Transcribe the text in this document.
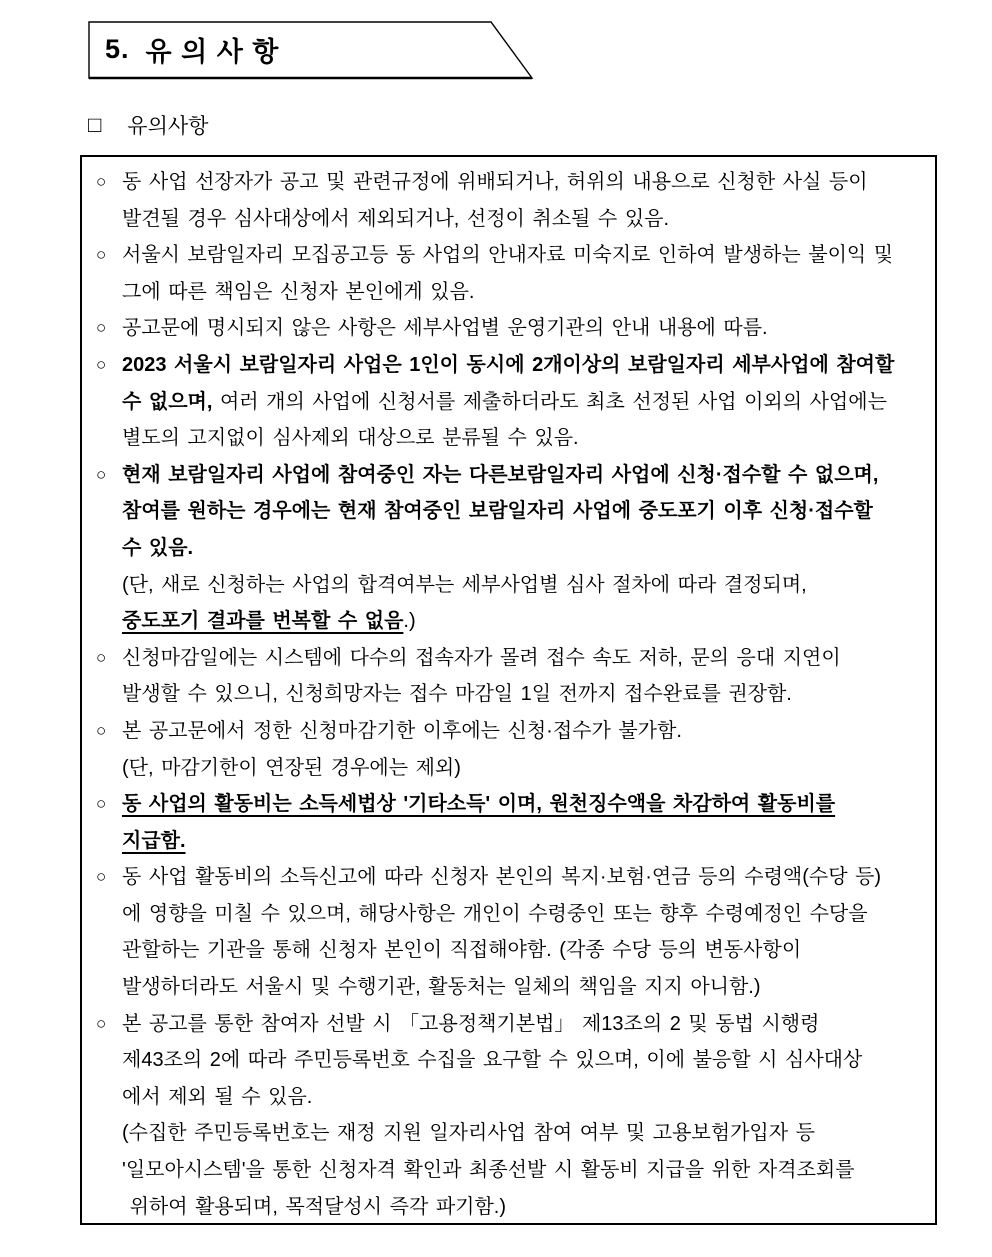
5. 유 의 사 항
□ 유의사항
○ 동 사업 선장자가 공고 및 관련규정에 위배되거나, 허위의 내용으로 신청한 사실 등이
발견될 경우 심사대상에서 제외되거나, 선정이 취소될 수 있음.
○ 서울시 보람일자리 모집공고등 동 사업의 안내자료 미숙지로 인하여 발생하는 불이익 및
그에 따른 책임은 신청자 본인에게 있음.
○ 공고문에 명시되지 않은 사항은 세부사업별 운영기관의 안내 내용에 따름.
○ 2023 서울시 보람일자리 사업은 1인이 동시에 2개이상의 보람일자리 세부사업에 참여할
수 없으며, 여러 개의 사업에 신청서를 제출하더라도 최초 선정된 사업 이외의 사업에는
별도의 고지없이 심사제외 대상으로 분류될 수 있음.
○ 현재 보람일자리 사업에 참여중인 자는 다른보람일자리 사업에 신청·접수할 수 없으며,
참여를 원하는 경우에는 현재 참여중인 보람일자리 사업에 중도포기 이후 신청·접수할
수 있음.
(단, 새로 신청하는 사업의 합격여부는 세부사업별 심사 절차에 따라 결정되며,
중도포기 결과를 번복할 수 없음.)
○ 신청마감일에는 시스템에 다수의 접속자가 몰려 접수 속도 저하, 문의 응대 지연이
발생할 수 있으니, 신청희망자는 접수 마감일 1일 전까지 접수완료를 권장함.
○ 본 공고문에서 정한 신청마감기한 이후에는 신청·접수가 불가함.
(단, 마감기한이 연장된 경우에는 제외)
○ 동 사업의 활동비는 소득세법상 '기타소득' 이며, 원천징수액을 차감하여 활동비를
지급함.
○ 동 사업 활동비의 소득신고에 따라 신청자 본인의 복지·보험·연금 등의 수령액(수당 등)
에 영향을 미칠 수 있으며, 해당사항은 개인이 수령중인 또는 향후 수령예정인 수당을
관할하는 기관을 통해 신청자 본인이 직접해야함. (각종 수당 등의 변동사항이
발생하더라도 서울시 및 수행기관, 활동처는 일체의 책임을 지지 아니함.)
○ 본 공고를 통한 참여자 선발 시 「고용정책기본법」 제13조의 2 및 동법 시행령
제43조의 2에 따라 주민등록번호 수집을 요구할 수 있으며, 이에 불응할 시 심사대상
에서 제외 될 수 있음.
(수집한 주민등록번호는 재정 지원 일자리사업 참여 여부 및 고용보험가입자 등
'일모아시스템'을 통한 신청자격 확인과 최종선발 시 활동비 지급을 위한 자격조회를
위하여 활용되며, 목적달성시 즉각 파기함.)
